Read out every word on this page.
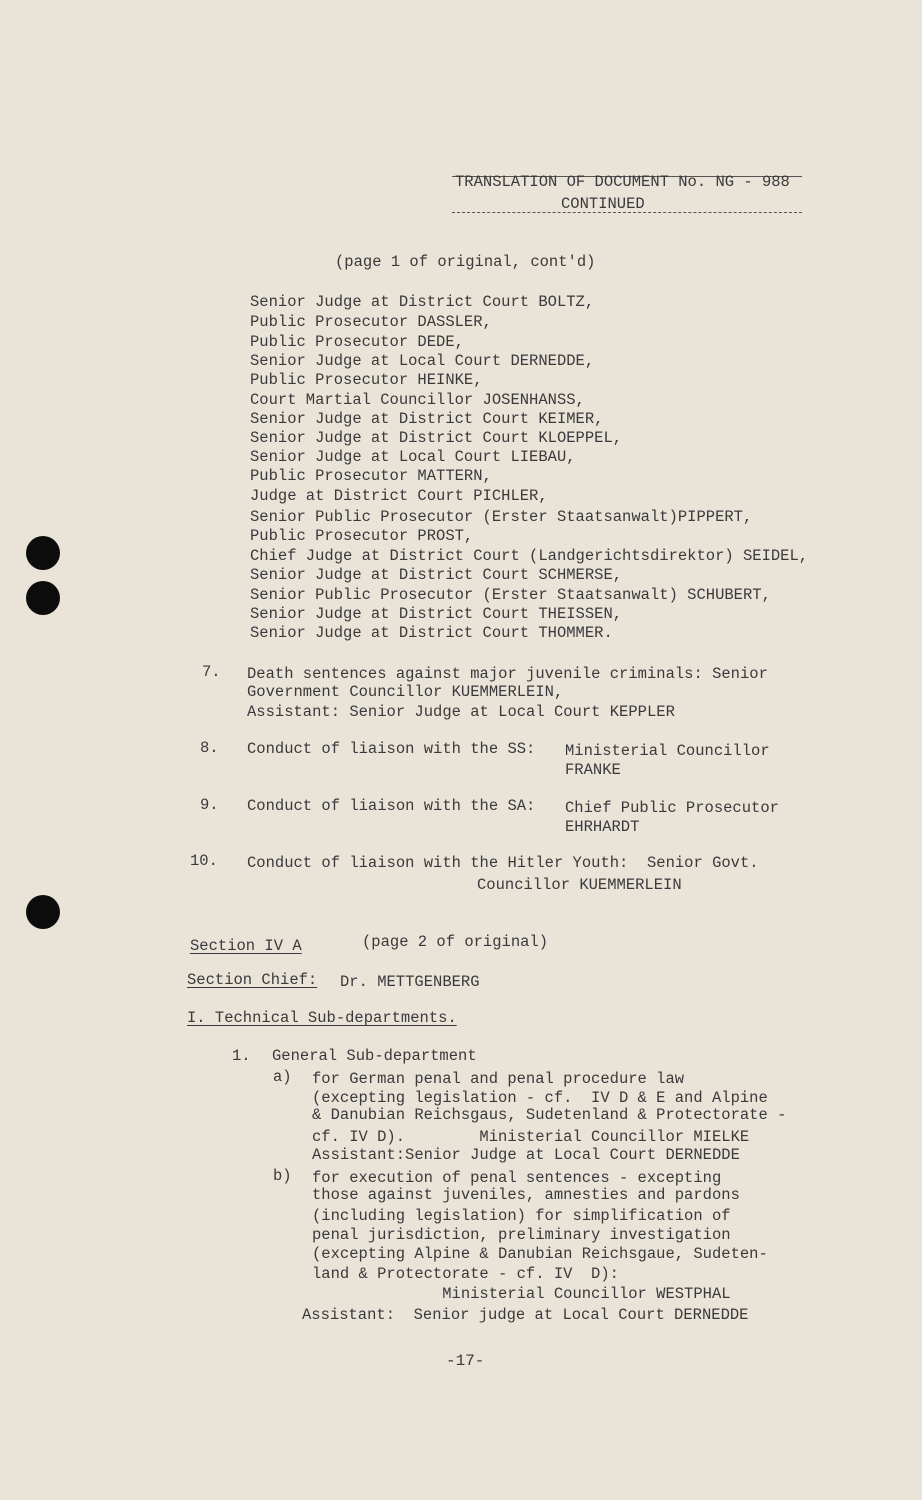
TRANSLATION OF DOCUMENT No. NG - 988
CONTINUED
(page 1 of original, cont'd)
Senior Judge at District Court BOLTZ,
Public Prosecutor DASSLER,
Public Prosecutor DEDE,
Senior Judge at Local Court DERNEDDE,
Public Prosecutor HEINKE,
Court Martial Councillor JOSENHANSS,
Senior Judge at District Court KEIMER,
Senior Judge at District Court KLOEPPEL,
Senior Judge at Local Court LIEBAU,
Public Prosecutor MATTERN,
Judge at District Court PICHLER,
Senior Public Prosecutor (Erster Staatsanwalt)PIPPERT,
Public Prosecutor PROST,
Chief Judge at District Court (Landgerichtsdirektor) SEIDEL,
Senior Judge at District Court SCHMERSE,
Senior Public Prosecutor (Erster Staatsanwalt) SCHUBERT,
Senior Judge at District Court THEISSEN,
Senior Judge at District Court THOMMER.
7. Death sentences against major juvenile criminals: Senior
Government Councillor KUEMMERLEIN,
Assistant: Senior Judge at Local Court KEPPLER
8. Conduct of liaison with the SS: Ministerial Councillor
FRANKE
9. Conduct of liaison with the SA: Chief Public Prosecutor
EHRHARDT
10. Conduct of liaison with the Hitler Youth:  Senior Govt.
Councillor KUEMMERLEIN
Section IV A	(page 2 of original)
Section Chief: Dr. METTGENBERG
I. Technical Sub-departments.
1. General Sub-department
a) for German penal and penal procedure law
(excepting legislation - cf.  IV D & E and Alpine
& Danubian Reichsgaus, Sudetenland & Protectorate -
cf. IV D).        Ministerial Councillor MIELKE
Assistant:Senior Judge at Local Court DERNEDDE
b) for execution of penal sentences - excepting
those against juveniles, amnesties and pardons
(including legislation) for simplification of
penal jurisdiction, preliminary investigation
(excepting Alpine & Danubian Reichsgaue, Sudeten-
land & Protectorate - cf. IV  D):
Ministerial Councillor WESTPHAL
Assistant:  Senior judge at Local Court DERNEDDE
-17-
